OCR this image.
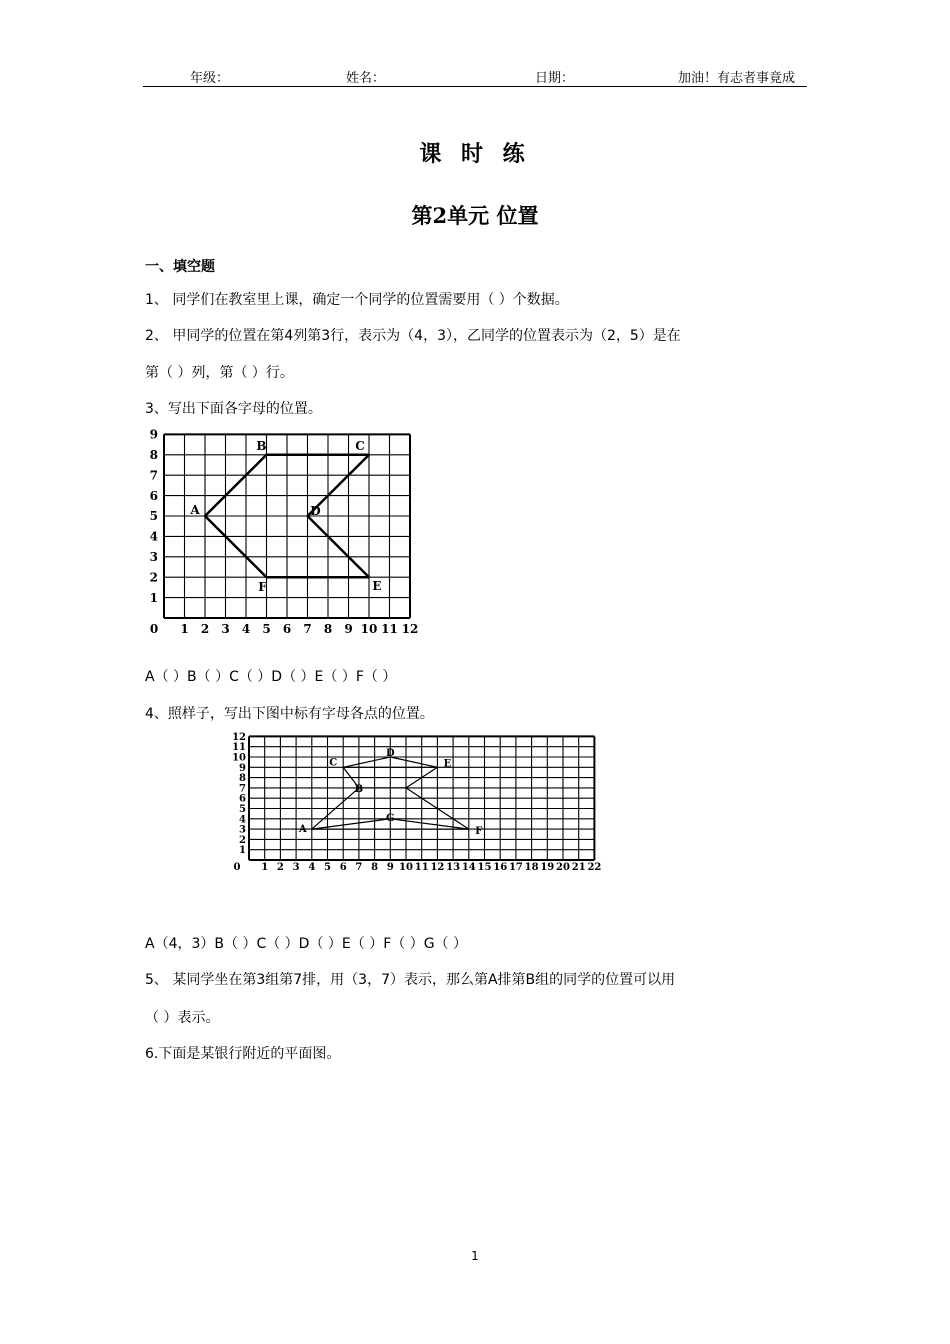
年级：	姓名：	日期：	加油！有志者事竟成
课 时 练
第2单元 位置
一、填空题
1、 同学们在教室里上课，确定一个同学的位置需要用（ ）个数据。
2、 甲同学的位置在第4列第3行，表示为（4，3），乙同学的位置表示为（2，5）是在
第（ ）列，第（ ）行。
3、写出下面各字母的位置。
0 1 2 3 4 5 6 7 8 9 10 11 12
1
2
3
4
5
6
7
8
9
A
B	C
D
E
F
A（ ）B（ ）C（ ）D（ ）E（ ）F（ ）
4、照样子，写出下图中标有字母各点的位置。
0 1 2 3 4 5 6 7 8 9 10 11 12 13 14 15 16 17 18 19 20 21 22
1
2
3
4
5
6
7
8
9
10
11
12
A
B
C
D
E
F
G
A（4，3）B（ ）C（ ）D（ ）E（ ）F（ ）G（ ）
5、 某同学坐在第3组第7排，用（3，7）表示，那么第A排第B组的同学的位置可以用
（ ）表示。
6.下面是某银行附近的平面图。
1
